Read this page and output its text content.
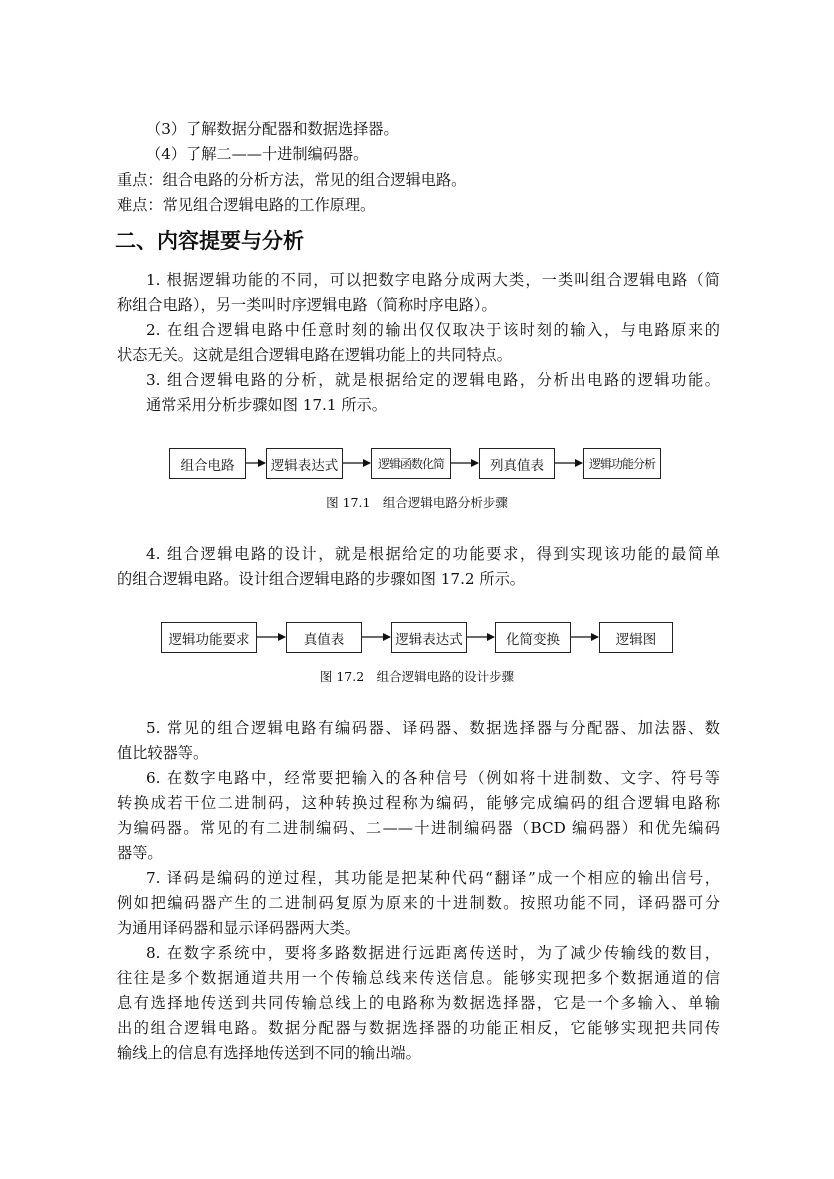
（3）了解数据分配器和数据选择器。
（4）了解二——十进制编码器。
重点：组合电路的分析方法，常见的组合逻辑电路。
难点：常见组合逻辑电路的工作原理。
二、内容提要与分析
1. 根据逻辑功能的不同，可以把数字电路分成两大类，一类叫组合逻辑电路（简
称组合电路），另一类叫时序逻辑电路（简称时序电路）。
2. 在组合逻辑电路中任意时刻的输出仅仅取决于该时刻的输入，与电路原来的
状态无关。这就是组合逻辑电路在逻辑功能上的共同特点。
3. 组合逻辑电路的分析，就是根据给定的逻辑电路，分析出电路的逻辑功能。
通常采用分析步骤如图 17.1 所示。
组合电路	逻辑表达式	逻辑函数化简	列真值表	逻辑功能分析
图 17.1　组合逻辑电路分析步骤
4. 组合逻辑电路的设计，就是根据给定的功能要求，得到实现该功能的最简单
的组合逻辑电路。设计组合逻辑电路的步骤如图 17.2 所示。
逻辑功能要求	真值表	逻辑表达式	化简变换	逻辑图
图 17.2　组合逻辑电路的设计步骤
5. 常见的组合逻辑电路有编码器、译码器、数据选择器与分配器、加法器、数
值比较器等。
6. 在数字电路中，经常要把输入的各种信号（例如将十进制数、文字、符号等
转换成若干位二进制码，这种转换过程称为编码，能够完成编码的组合逻辑电路称
为编码器。常见的有二进制编码、二——十进制编码器（BCD 编码器）和优先编码
器等。
7. 译码是编码的逆过程，其功能是把某种代码“翻译”成一个相应的输出信号，
例如把编码器产生的二进制码复原为原来的十进制数。按照功能不同，译码器可分
为通用译码器和显示译码器两大类。
8. 在数字系统中，要将多路数据进行远距离传送时，为了减少传输线的数目，
往往是多个数据通道共用一个传输总线来传送信息。能够实现把多个数据通道的信
息有选择地传送到共同传输总线上的电路称为数据选择器，它是一个多输入、单输
出的组合逻辑电路。数据分配器与数据选择器的功能正相反，它能够实现把共同传
输线上的信息有选择地传送到不同的输出端。
